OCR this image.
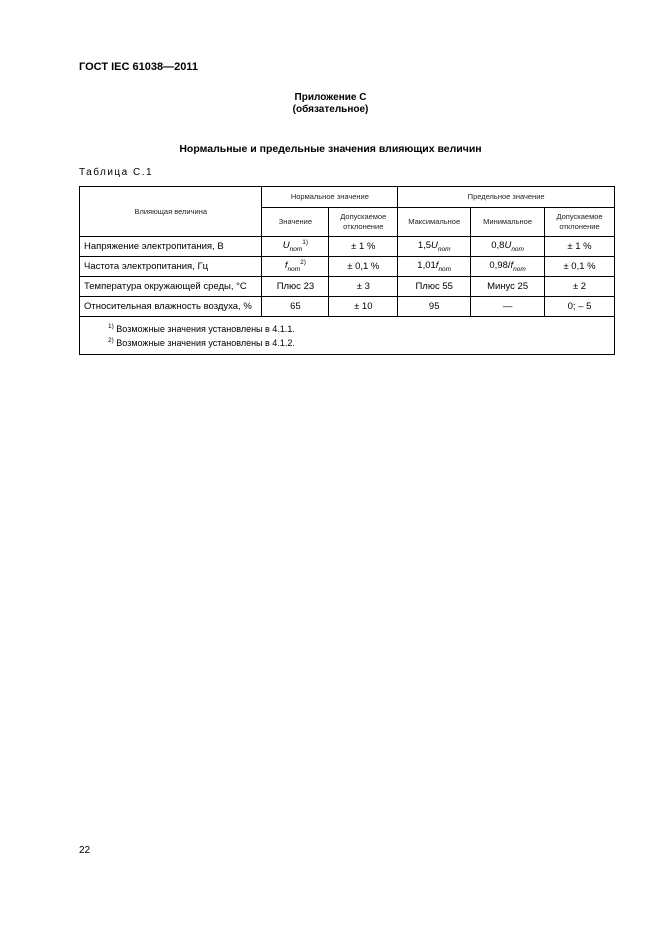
ГОСТ IEC 61038—2011
Приложение С
(обязательное)
Нормальные и предельные значения влияющих величин
Таблица С.1
Влияющая величина	Нормальное значение		Предельное значение		
	Значение	Допускаемое отклонение	Максимальное	Минимальное	Допускаемое отклонение
Напряжение электропитания, В	$U_{nom}^{1)}$	± 1 %	$1,5U_{nom}$	$0,8U_{nom}$	± 1 %
Частота электропитания, Гц	$f_{nom}^{2)}$	± 0,1 %	$1,01f_{nom}$	$0,98/f_{nom}$	± 0,1 %
Температура окружающей среды, °С	Плюс 23	± 3	Плюс 55	Минус 25	± 2
Относительная влажность воздуха, %	65	± 10	95	—	0; – 5

$^{1)}$ Возможные значения установлены в 4.1.1.
$^{2)}$ Возможные значения установлены в 4.1.2.					
22
